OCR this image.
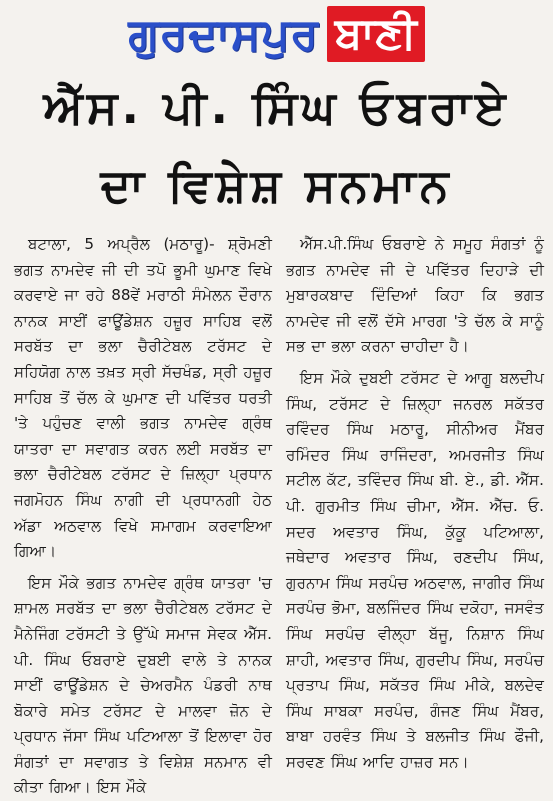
ਗੁਰਦਾਸਪੁਰ ਬਾਣੀ
ਐੱਸ. ਪੀ. ਸਿੰਘ ਓਬਰਾਏ
ਦਾ ਵਿਸ਼ੇਸ਼ ਸਨਮਾਨ

ਬਟਾਲਾ, 5 ਅਪ੍ਰੈਲ (ਮਠਾਰੂ)- ਸ਼੍ਰੋਮਣੀ ਭਗਤ ਨਾਮਦੇਵ ਜੀ ਦੀ ਤਪੋ ਭੂਮੀ ਘੁਮਾਣ ਵਿਖੇ ਕਰਵਾਏ ਜਾ ਰਹੇ 88ਵੇਂ ਮਰਾਠੀ ਸੰਮੇਲਨ ਦੌਰਾਨ ਨਾਨਕ ਸਾਈਂ ਫਾਊਂਡੇਸ਼ਨ ਹਜ਼ੂਰ ਸਾਹਿਬ ਵਲੋਂ ਸਰਬੱਤ ਦਾ ਭਲਾ ਚੈਰੀਟੇਬਲ ਟਰੱਸਟ ਦੇ ਸਹਿਯੋਗ ਨਾਲ ਤਖ਼ਤ ਸ੍ਰੀ ਸੱਚਖੰਡ, ਸ੍ਰੀ ਹਜ਼ੂਰ ਸਾਹਿਬ ਤੋਂ ਚੱਲ ਕੇ ਘੁਮਾਣ ਦੀ ਪਵਿੱਤਰ ਧਰਤੀ 'ਤੇ ਪਹੁੰਚਣ ਵਾਲੀ ਭਗਤ ਨਾਮਦੇਵ ਗ੍ਰੰਥ ਯਾਤਰਾ ਦਾ ਸਵਾਗਤ ਕਰਨ ਲਈ ਸਰਬੱਤ ਦਾ ਭਲਾ ਚੈਰੀਟੇਬਲ ਟਰੱਸਟ ਦੇ ਜ਼ਿਲ੍ਹਾ ਪ੍ਰਧਾਨ ਜਗਮੋਹਨ ਸਿੰਘ ਨਾਗੀ ਦੀ ਪ੍ਰਧਾਨਗੀ ਹੇਠ ਅੱਡਾ ਅਠਵਾਲ ਵਿਖੇ ਸਮਾਗਮ ਕਰਵਾਇਆ ਗਿਆ।

ਇਸ ਮੌਕੇ ਭਗਤ ਨਾਮਦੇਵ ਗ੍ਰੰਥ ਯਾਤਰਾ 'ਚ ਸ਼ਾਮਲ ਸਰਬੱਤ ਦਾ ਭਲਾ ਚੈਰੀਟੇਬਲ ਟਰੱਸਟ ਦੇ ਮੈਨੇਜਿੰਗ ਟਰੱਸਟੀ ਤੇ ਉੱਘੇ ਸਮਾਜ ਸੇਵਕ ਐੱਸ. ਪੀ. ਸਿੰਘ ਓਬਰਾਏ ਦੁਬਈ ਵਾਲੇ ਤੇ ਨਾਨਕ ਸਾਈਂ ਫਾਊਂਡੇਸ਼ਨ ਦੇ ਚੇਅਰਮੈਨ ਪੰਡਰੀ ਨਾਥ ਬੋਕਾਰੇ ਸਮੇਤ ਟਰੱਸਟ ਦੇ ਮਾਲਵਾ ਜ਼ੋਨ ਦੇ ਪ੍ਰਧਾਨ ਜੱਸਾ ਸਿੰਘ ਪਟਿਆਲਾ ਤੋਂ ਇਲਾਵਾ ਹੋਰ ਸੰਗਤਾਂ ਦਾ ਸਵਾਗਤ ਤੇ ਵਿਸ਼ੇਸ਼ ਸਨਮਾਨ ਵੀ ਕੀਤਾ ਗਿਆ। ਇਸ ਮੌਕੇ

ਐੱਸ.ਪੀ.ਸਿੰਘ ਓਬਰਾਏ ਨੇ ਸਮੂਹ ਸੰਗਤਾਂ ਨੂੰ ਭਗਤ ਨਾਮਦੇਵ ਜੀ ਦੇ ਪਵਿੱਤਰ ਦਿਹਾੜੇ ਦੀ ਮੁਬਾਰਕਬਾਦ ਦਿੰਦਿਆਂ ਕਿਹਾ ਕਿ ਭਗਤ ਨਾਮਦੇਵ ਜੀ ਵਲੋਂ ਦੱਸੇ ਮਾਰਗ 'ਤੇ ਚੱਲ ਕੇ ਸਾਨੂੰ ਸਭ ਦਾ ਭਲਾ ਕਰਨਾ ਚਾਹੀਦਾ ਹੈ।

ਇਸ ਮੌਕੇ ਦੁਬਈ ਟਰੱਸਟ ਦੇ ਆਗੂ ਬਲਦੀਪ ਸਿੰਘ, ਟਰੱਸਟ ਦੇ ਜ਼ਿਲ੍ਹਾ ਜਨਰਲ ਸਕੱਤਰ ਰਵਿੰਦਰ ਸਿੰਘ ਮਠਾਰੂ, ਸੀਨੀਅਰ ਮੈਂਬਰ ਰਮਿੰਦਰ ਸਿੰਘ ਰਾਜਿੰਦਰਾ, ਅਮਰਜੀਤ ਸਿੰਘ ਸਟੀਲ ਕੱਟ, ਤਵਿੰਦਰ ਸਿੰਘ ਬੀ. ਏ., ਡੀ. ਐੱਸ. ਪੀ. ਗੁਰਮੀਤ ਸਿੰਘ ਚੀਮਾ, ਐੱਸ. ਐੱਚ. ਓ. ਸਦਰ ਅਵਤਾਰ ਸਿੰਘ, ਕੁੱਕੂ ਪਟਿਆਲਾ, ਜਥੇਦਾਰ ਅਵਤਾਰ ਸਿੰਘ, ਰਣਦੀਪ ਸਿੰਘ, ਗੁਰਨਾਮ ਸਿੰਘ ਸਰਪੰਚ ਅਠਵਾਲ, ਜਾਗੀਰ ਸਿੰਘ ਸਰਪੰਚ ਭੋਮਾ, ਬਲਜਿੰਦਰ ਸਿੰਘ ਦਕੋਹਾ, ਜਸਵੰਤ ਸਿੰਘ ਸਰਪੰਚ ਵੀਲ੍ਹਾ ਬੱਜੂ, ਨਿਸ਼ਾਨ ਸਿੰਘ ਸ਼ਾਹੀ, ਅਵਤਾਰ ਸਿੰਘ, ਗੁਰਦੀਪ ਸਿੰਘ, ਸਰਪੰਚ ਪ੍ਰਤਾਪ ਸਿੰਘ, ਸਕੱਤਰ ਸਿੰਘ ਮੀਕੇ, ਬਲਦੇਵ ਸਿੰਘ ਸਾਬਕਾ ਸਰਪੰਚ, ਗੰਜਣ ਸਿੰਘ ਮੈਂਬਰ, ਬਾਬਾ ਹਰਵੰਤ ਸਿੰਘ ਤੇ ਬਲਜੀਤ ਸਿੰਘ ਫੌਜੀ, ਸਰਵਣ ਸਿੰਘ ਆਦਿ ਹਾਜ਼ਰ ਸਨ।
